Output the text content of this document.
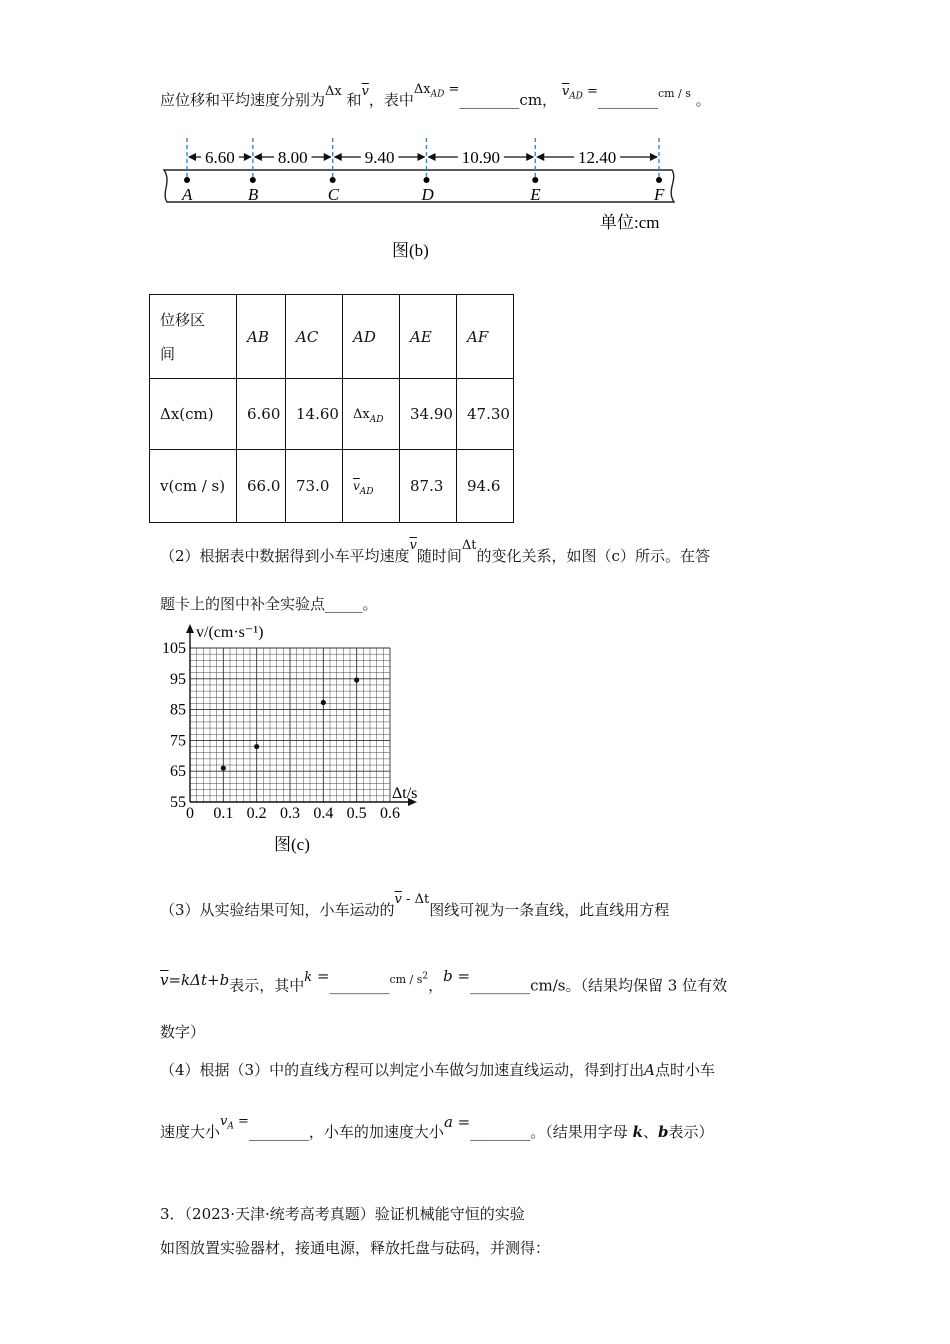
应位移和平均速度分别为Δx 和$\overline{v}$，表中$\Delta x_{AD}$ =________cm， $\overline{v}_{AD}$ =________$^{cm / s}$ 。
A	B	C	D	E	F
6.60	8.00	9.40	10.90	12.40
单位:cm
图(b)
位移区
间	AB	AC	AD	AE	AF
Δx(cm)	6.60	14.60	$\Delta x_{AD}$	34.90	47.30
v(cm / s)	66.0	73.0	$\overline{v}_{AD}$	87.3	94.6
（2）根据表中数据得到小车平均速度$\overline{v}$随时间Δt的变化关系，如图（c）所示。在答
题卡上的图中补全实验点_____。
0 0.1 0.2 0.3 0.4 0.5 0.6
55
65
75
85
95
105
v/(cm·s⁻¹)
Δt/s
图(c)
（3）从实验结果可知，小车运动的$\overline{v}$ - Δt图线可视为一条直线，此直线用方程
$\overline{v}=k\Delta t+b$表示，其中k =________$^{cm / s^2}$，b =________cm/s。（结果均保留 3 位有效
数字）
（4）根据（3）中的直线方程可以判定小车做匀加速直线运动，得到打出A点时小车
速度大小$v_A$ =________，小车的加速度大小a =________。（结果用字母 k、b表示）
3．（2023·天津·统考高考真题）验证机械能守恒的实验
如图放置实验器材，接通电源，释放托盘与砝码，并测得：
